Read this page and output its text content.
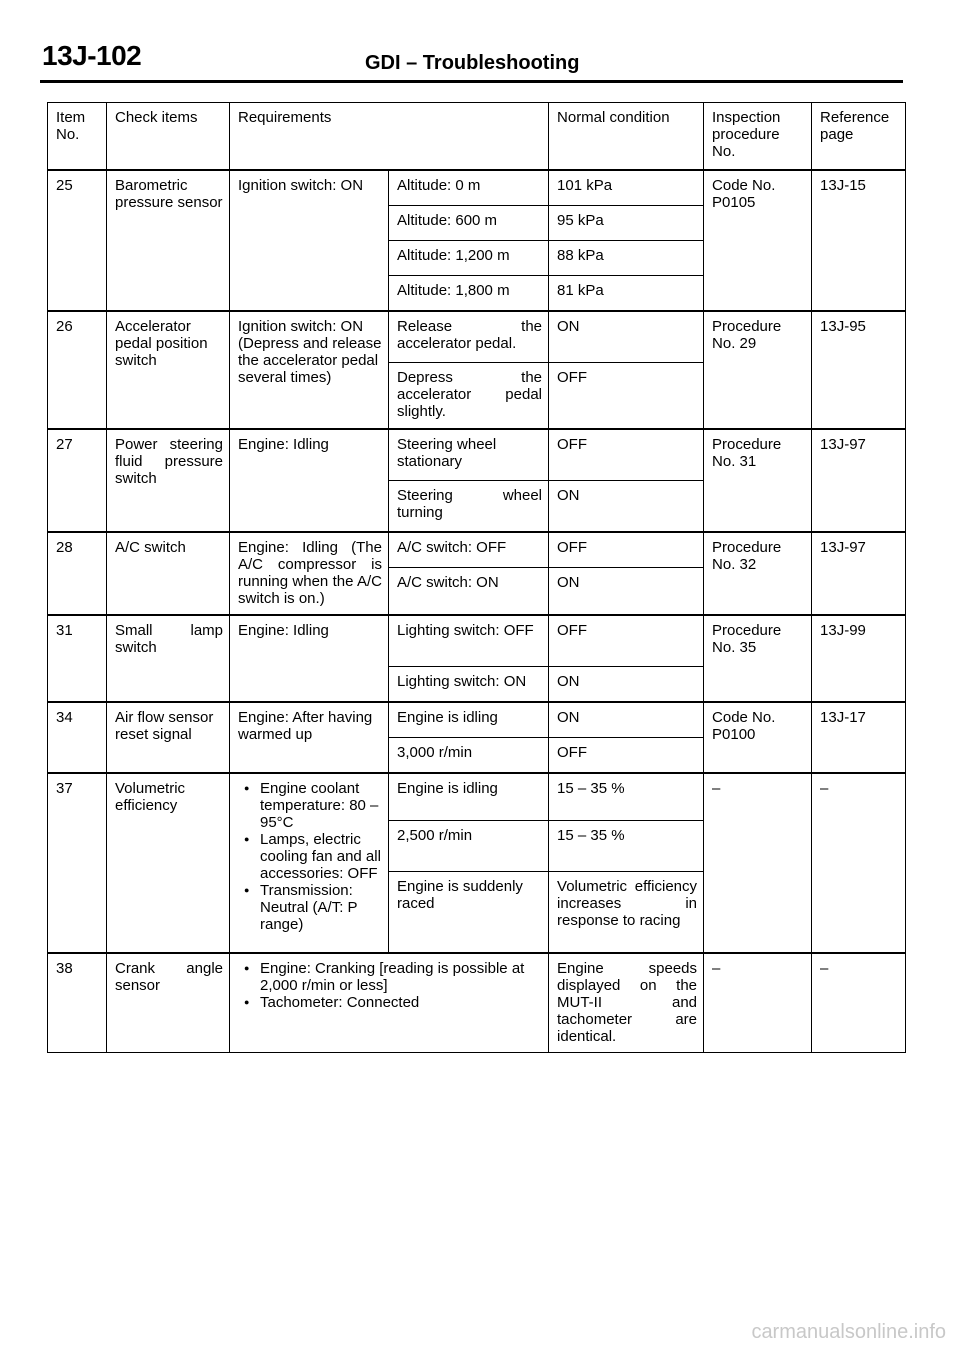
13J-102	GDI – Troubleshooting
Item No.	Check items	Requirements		Normal condition	Inspection procedure No.	Reference page
25	Barometric pressure sensor	Ignition switch: ON	Altitude: 0 m	101 kPa	Code No. P0105	13J-15
			Altitude: 600 m	95 kPa		
			Altitude: 1,200 m	88 kPa		
			Altitude: 1,800 m	81 kPa		
26	Accelerator pedal position switch	Ignition switch: ON (Depress and release the accelerator pedal several times)	Release the accelerator pedal.	ON	Procedure No. 29	13J-95
			Depress the accelerator pedal slightly.	OFF		
27	Power steering fluid pressure switch	Engine: Idling	Steering wheel stationary	OFF	Procedure No. 31	13J-97
			Steering wheel turning	ON		
28	A/C switch	Engine: Idling (The A/C compressor is running when the A/C switch is on.)	A/C switch: OFF	OFF	Procedure No. 32	13J-97
			A/C switch: ON	ON		
31	Small lamp switch	Engine: Idling	Lighting switch: OFF	OFF	Procedure No. 35	13J-99
			Lighting switch: ON	ON		
34	Air flow sensor reset signal	Engine: After having warmed up	Engine is idling	ON	Code No. P0100	13J-17
			3,000 r/min	OFF		
37	Volumetric efficiency	● Engine coolant temperature: 80 – 95°C
● Lamps, electric cooling fan and all accessories: OFF
● Transmission: Neutral (A/T: P range)	Engine is idling	15 – 35 %	–	–
			2,500 r/min	15 – 35 %		
			Engine is suddenly raced	Volumetric efficiency increases in response to racing		
38	Crank angle sensor	● Engine: Cranking [reading is possible at 2,000 r/min or less]
● Tachometer: Connected		Engine speeds displayed on the MUT-II and tachometer are identical.	–	–
carmanualsonline.info
